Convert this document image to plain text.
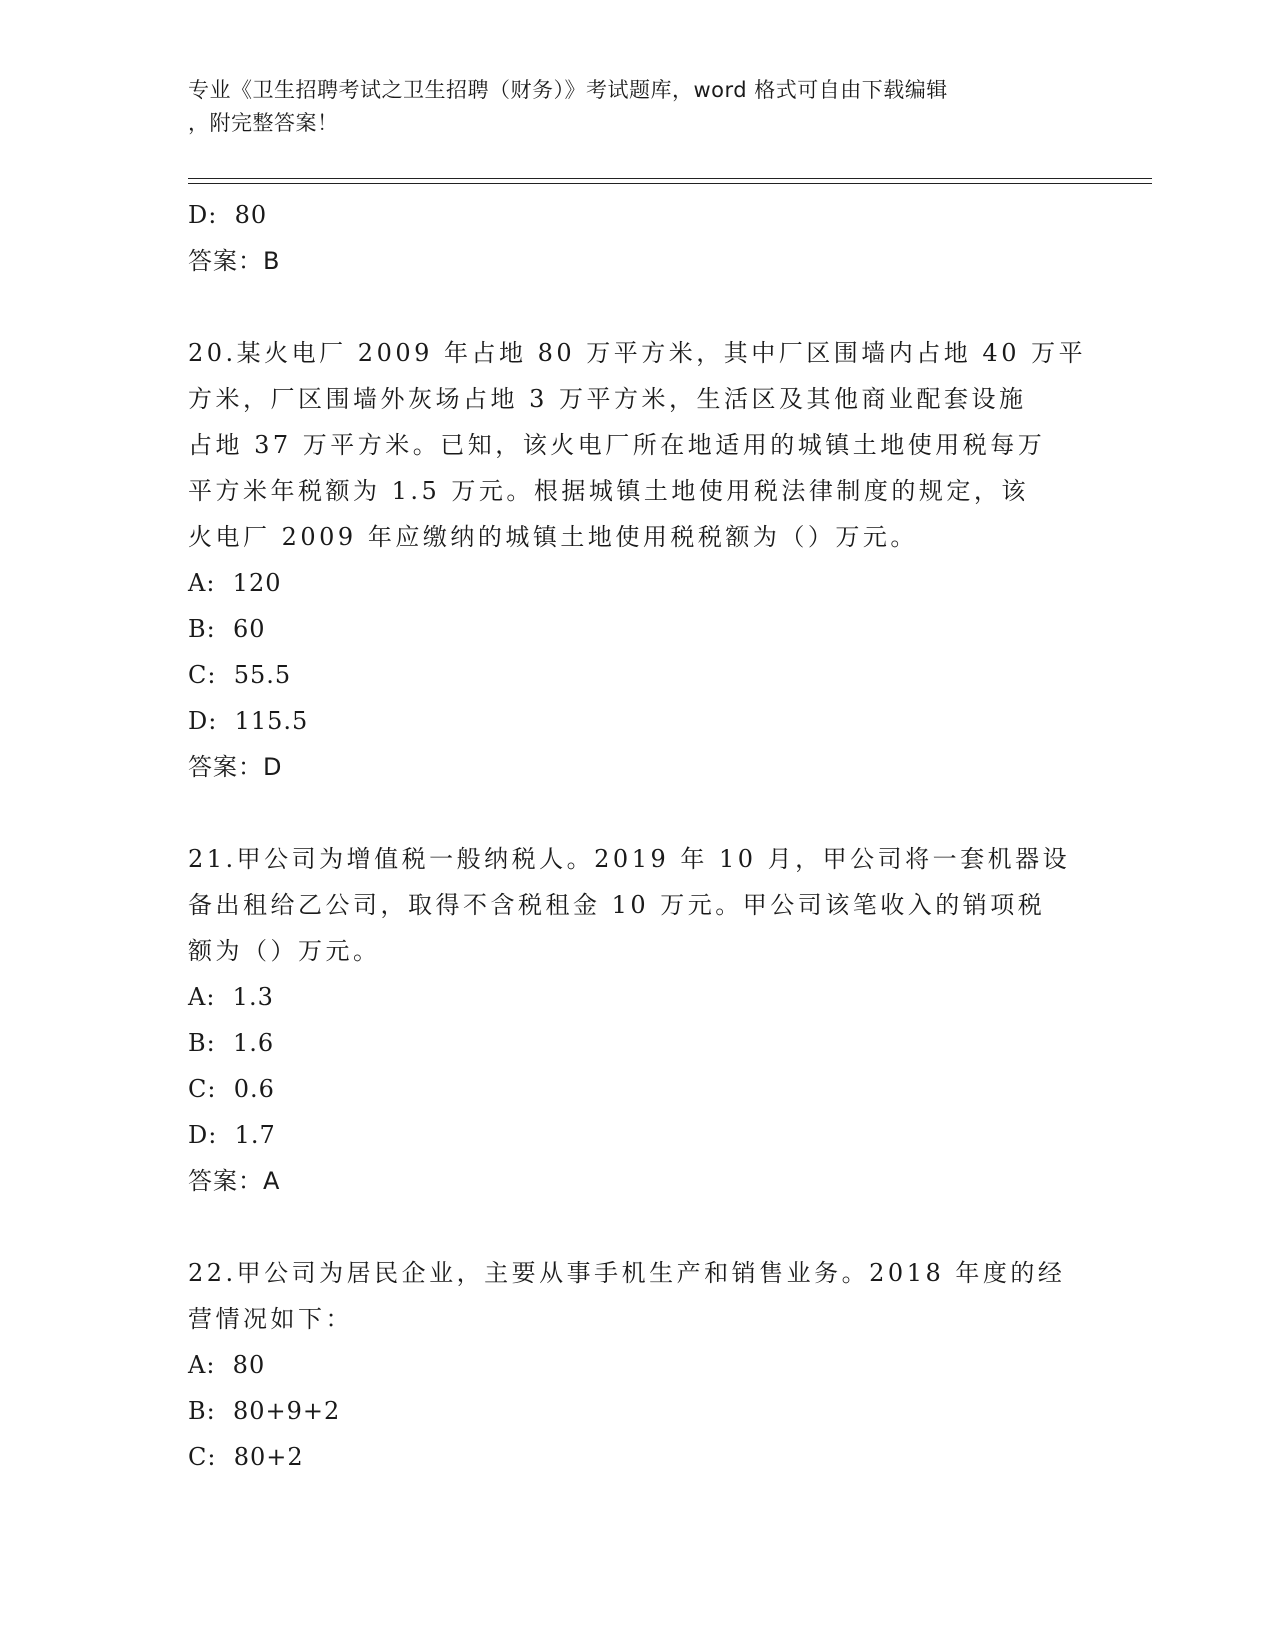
专业《卫生招聘考试之卫生招聘（财务）》考试题库，word 格式可自由下载编辑
，附完整答案！
D:  80
答案：B
20.某火电厂 2009 年占地 80 万平方米，其中厂区围墙内占地 40 万平
方米，厂区围墙外灰场占地 3 万平方米，生活区及其他商业配套设施
占地 37 万平方米。已知，该火电厂所在地适用的城镇土地使用税每万
平方米年税额为 1.5 万元。根据城镇土地使用税法律制度的规定，该
火电厂 2009 年应缴纳的城镇土地使用税税额为（）万元。
A:  120
B:  60
C:  55.5
D:  115.5
答案：D
21.甲公司为增值税一般纳税人。2019 年 10 月，甲公司将一套机器设
备出租给乙公司，取得不含税租金 10 万元。甲公司该笔收入的销项税
额为（）万元。
A:  1.3
B:  1.6
C:  0.6
D:  1.7
答案：A
22.甲公司为居民企业，主要从事手机生产和销售业务。2018 年度的经
营情况如下：
A:  80
B:  80+9+2
C:  80+2
